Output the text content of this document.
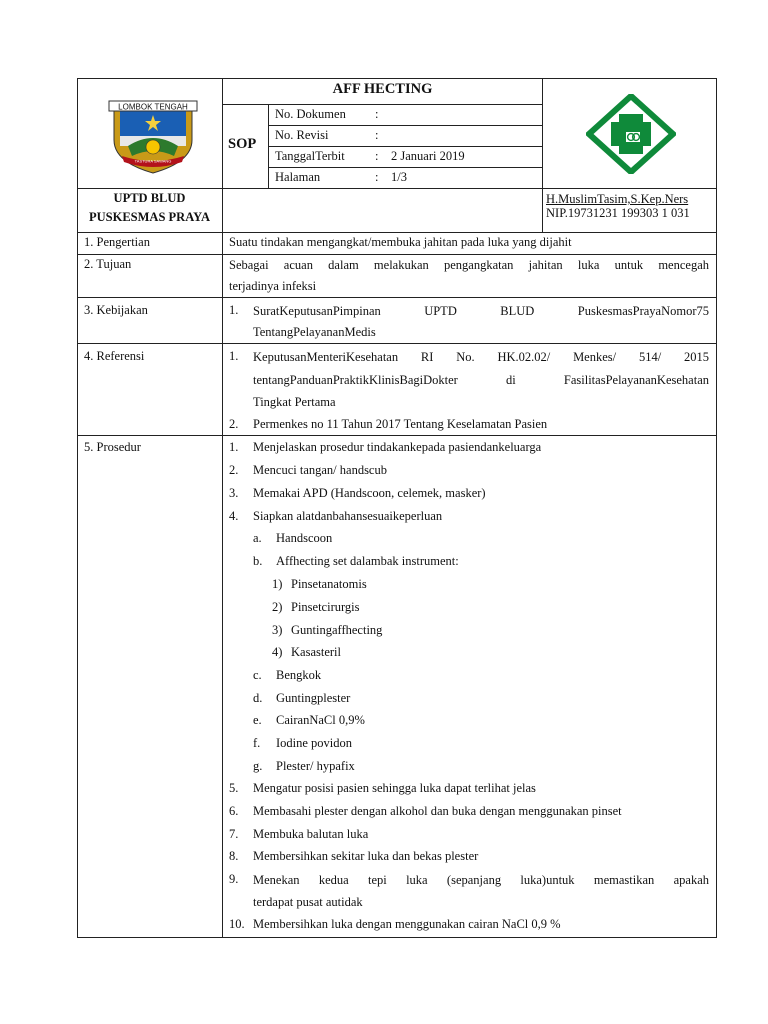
LOMBOK TENGAH
TASTURA SAWANG
AFF HECTING
SOP
No. Dokumen :
No. Revisi	:
TanggalTerbit : 2 Januari 2019
Halaman	: 1/3
UPTD BLUD
PUSKESMAS PRAYA
H.MuslimTasim,S.Kep.Ners
NIP.19731231 199303 1 031
1. Pengertian	Suatu tindakan mengangkat/membuka jahitan pada luka yang dijahit
2. Tujuan	Sebagai acuan dalam melakukan pengangkatan jahitan luka untuk mencegah
terjadinya infeksi
3. Kebijakan	1. SuratKeputusanPimpinan UPTD BLUD PuskesmasPrayaNomor75
TentangPelayananMedis
4. Referensi	1. KeputusanMenteriKesehatan RI No. HK.02.02/ Menkes/ 514/ 2015
tentangPanduanPraktikKlinisBagiDokter di FasilitasPelayananKesehatan
Tingkat Pertama
2. Permenkes no 11 Tahun 2017 Tentang Keselamatan Pasien
5. Prosedur	1. Menjelaskan prosedur tindakankepada pasiendankeluarga
2. Mencuci tangan/ handscub
3. Memakai APD (Handscoon, celemek, masker)
4. Siapkan alatdanbahansesuaikeperluan
a. Handscoon
b. Affhecting set dalambak instrument:
1) Pinsetanatomis
2) Pinsetcirurgis
3) Guntingaffhecting
4) Kasasteril
c. Bengkok
d. Guntingplester
e. CairanNaCl 0,9%
f. Iodine povidon
g. Plester/ hypafix
5. Mengatur posisi pasien sehingga luka dapat terlihat jelas
6. Membasahi plester dengan alkohol dan buka dengan menggunakan pinset
7. Membuka balutan luka
8. Membersihkan sekitar luka dan bekas plester
9. Menekan kedua tepi luka (sepanjang luka)untuk memastikan apakah
terdapat pusat autidak
10. Membersihkan luka dengan menggunakan cairan NaCl 0,9 %
